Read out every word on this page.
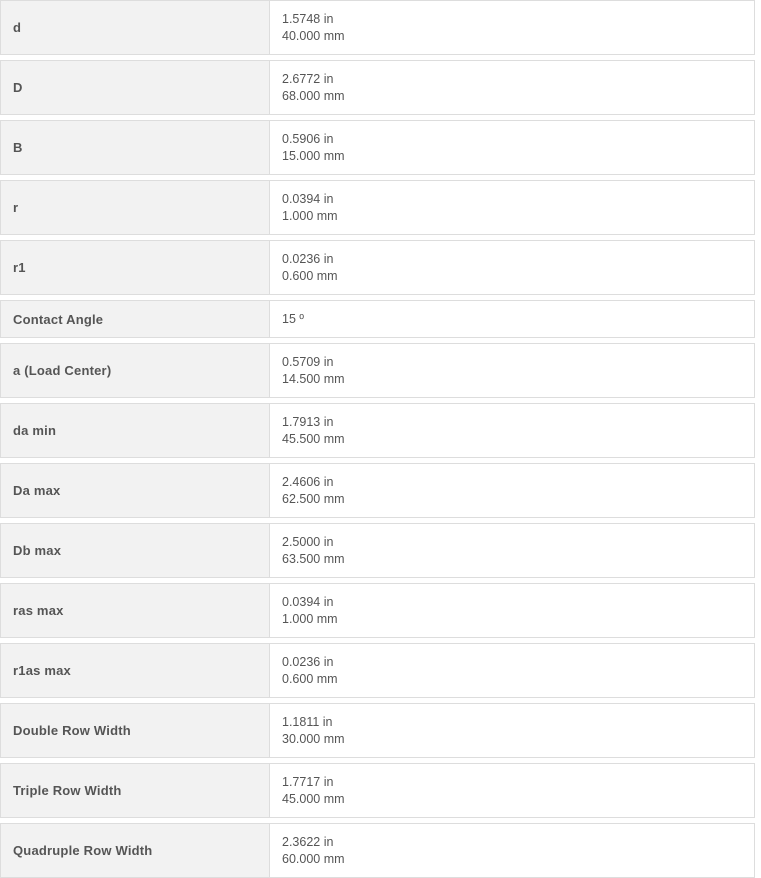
d	1.5748 in
40.000 mm

D	2.6772 in
68.000 mm

B	0.5906 in
15.000 mm

r	0.0394 in
1.000 mm

r1	0.0236 in
0.600 mm

Contact Angle	15 º

a (Load Center)	0.5709 in
14.500 mm

da min	1.7913 in
45.500 mm

Da max	2.4606 in
62.500 mm

Db max	2.5000 in
63.500 mm

ras max	0.0394 in
1.000 mm

r1as max	0.0236 in
0.600 mm

Double Row Width	1.1811 in
30.000 mm

Triple Row Width	1.7717 in
45.000 mm

Quadruple Row Width	2.3622 in
60.000 mm
